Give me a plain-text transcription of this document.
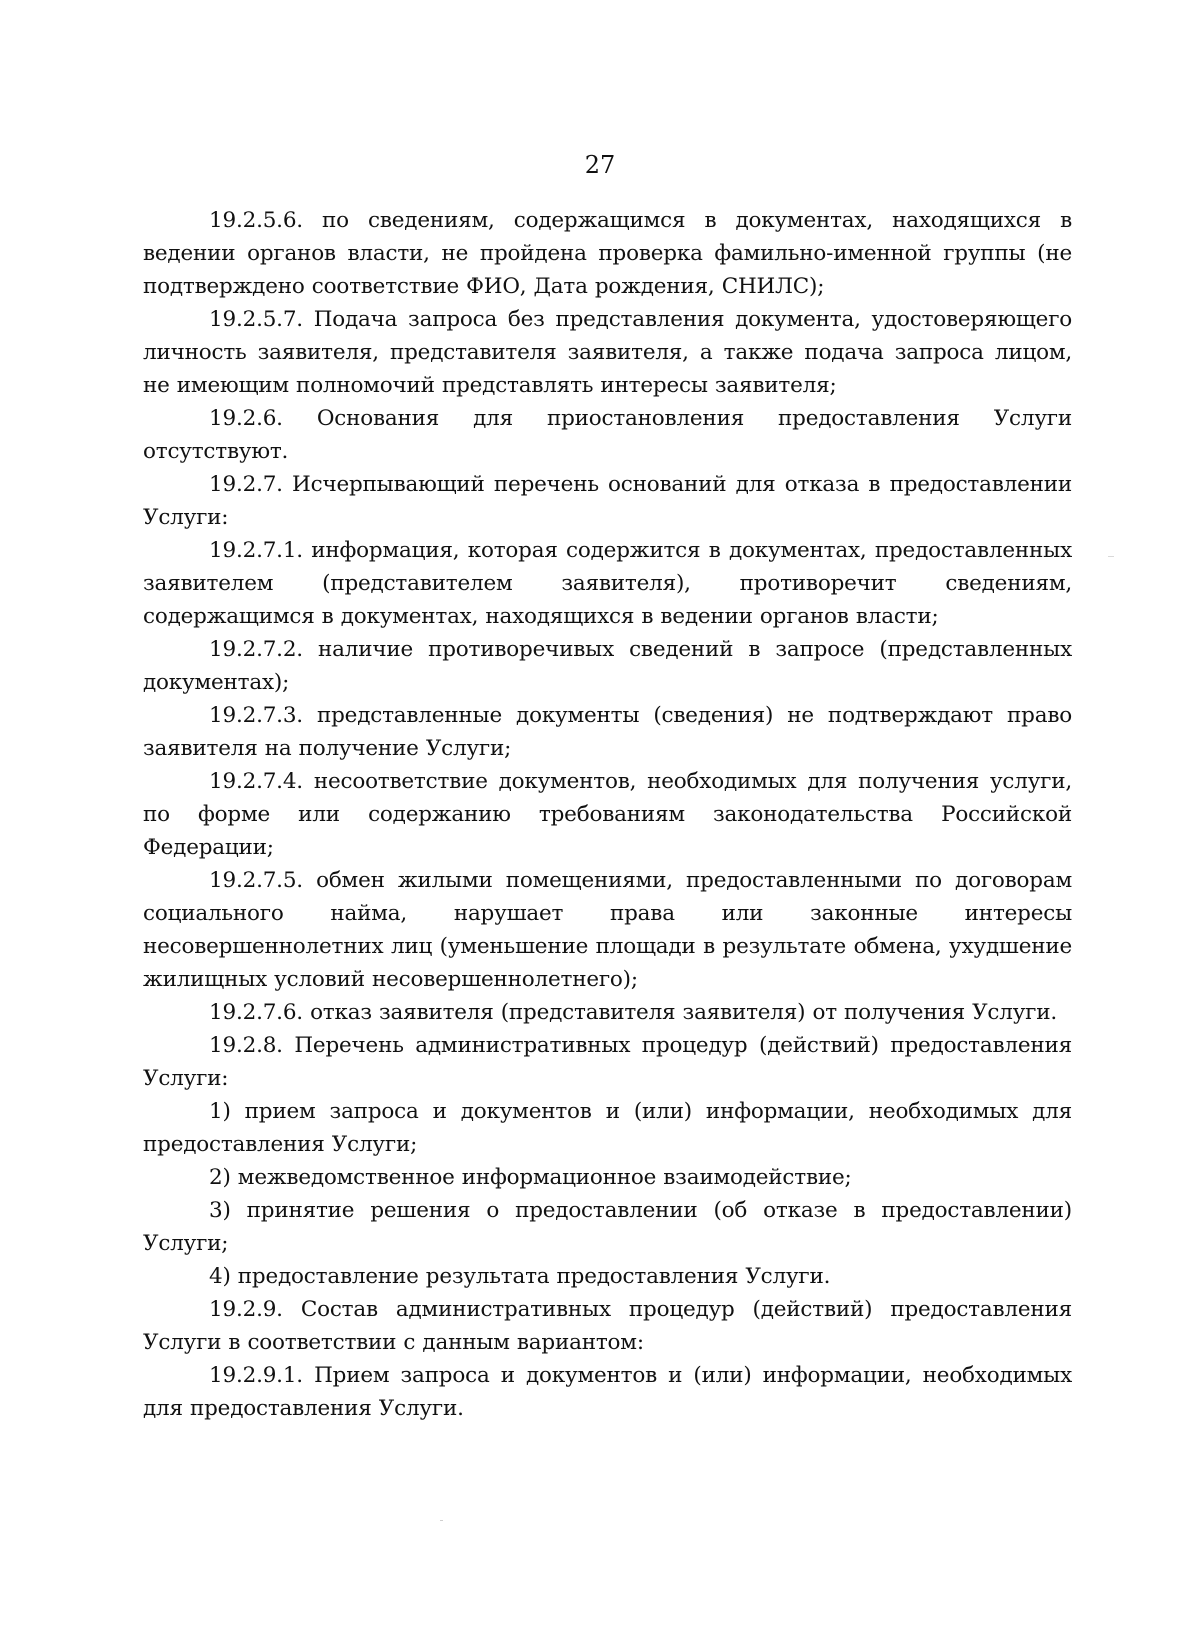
27

19.2.5.6. по сведениям, содержащимся в документах, находящихся в ведении органов власти, не пройдена проверка фамильно-именной группы (не подтверждено соответствие ФИО, Дата рождения, СНИЛС);

19.2.5.7. Подача запроса без представления документа, удостоверяющего личность заявителя, представителя заявителя, а также подача запроса лицом, не имеющим полномочий представлять интересы заявителя;

19.2.6. Основания для приостановления предоставления Услуги отсутствуют.

19.2.7. Исчерпывающий перечень оснований для отказа в предоставлении Услуги:

19.2.7.1. информация, которая содержится в документах, предоставленных заявителем (представителем заявителя), противоречит сведениям, содержащимся в документах, находящихся в ведении органов власти;

19.2.7.2. наличие противоречивых сведений в запросе (представленных документах);

19.2.7.3. представленные документы (сведения) не подтверждают право заявителя на получение Услуги;

19.2.7.4. несоответствие документов, необходимых для получения услуги, по форме или содержанию требованиям законодательства Российской Федерации;

19.2.7.5. обмен жилыми помещениями, предоставленными по договорам социального найма, нарушает права или законные интересы несовершеннолетних лиц (уменьшение площади в результате обмена, ухудшение жилищных условий несовершеннолетнего);

19.2.7.6. отказ заявителя (представителя заявителя) от получения Услуги.

19.2.8. Перечень административных процедур (действий) предоставления Услуги:

1) прием запроса и документов и (или) информации, необходимых для предоставления Услуги;

2) межведомственное информационное взаимодействие;

3) принятие решения о предоставлении (об отказе в предоставлении) Услуги;

4) предоставление результата предоставления Услуги.

19.2.9. Состав административных процедур (действий) предоставления Услуги в соответствии с данным вариантом:

19.2.9.1. Прием запроса и документов и (или) информации, необходимых для предоставления Услуги.
